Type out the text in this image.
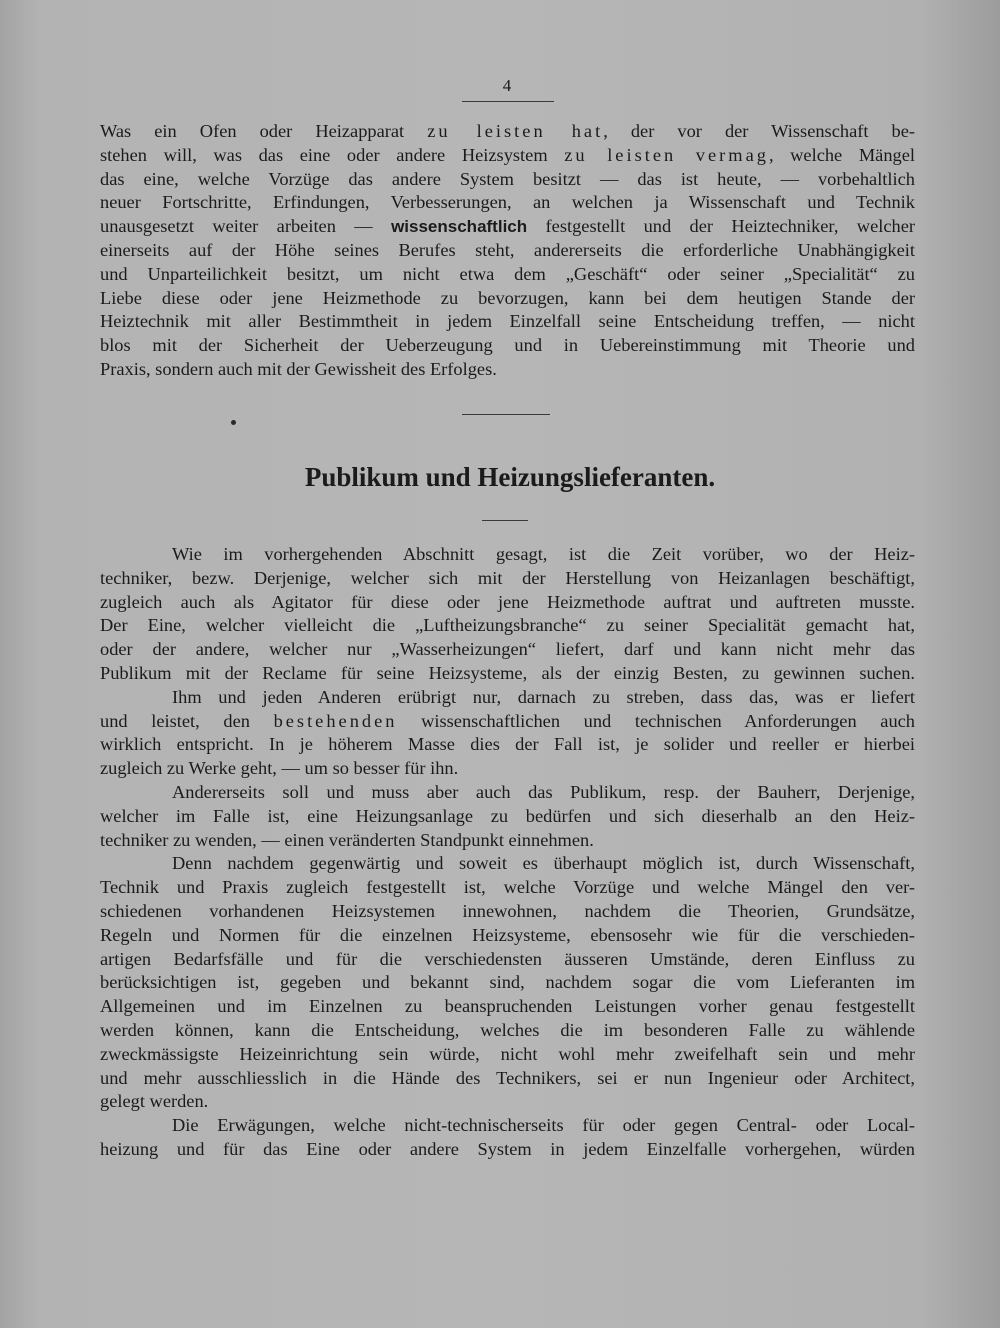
4
Was ein Ofen oder Heizapparat zu leisten hat, der vor der Wissenschaft be-
stehen will, was das eine oder andere Heizsystem zu leisten vermag, welche Mängel
das eine, welche Vorzüge das andere System besitzt — das ist heute, — vorbehaltlich
neuer Fortschritte, Erfindungen, Verbesserungen, an welchen ja Wissenschaft und Technik
unausgesetzt weiter arbeiten — wissenschaftlich festgestellt und der Heiztechniker, welcher
einerseits auf der Höhe seines Berufes steht, andererseits die erforderliche Unabhängigkeit
und Unparteilichkeit besitzt, um nicht etwa dem „Geschäft“ oder seiner „Specialität“ zu
Liebe diese oder jene Heizmethode zu bevorzugen, kann bei dem heutigen Stande der
Heiztechnik mit aller Bestimmtheit in jedem Einzelfall seine Entscheidung treffen, — nicht
blos mit der Sicherheit der Ueberzeugung und in Uebereinstimmung mit Theorie und
Praxis, sondern auch mit der Gewissheit des Erfolges.
Publikum und Heizungslieferanten.
Wie im vorhergehenden Abschnitt gesagt, ist die Zeit vorüber, wo der Heiz-
techniker, bezw. Derjenige, welcher sich mit der Herstellung von Heizanlagen beschäftigt,
zugleich auch als Agitator für diese oder jene Heizmethode auftrat und auftreten musste.
Der Eine, welcher vielleicht die „Luftheizungsbranche“ zu seiner Specialität gemacht hat,
oder der andere, welcher nur „Wasserheizungen“ liefert, darf und kann nicht mehr das
Publikum mit der Reclame für seine Heizsysteme, als der einzig Besten, zu gewinnen suchen.
Ihm und jeden Anderen erübrigt nur, darnach zu streben, dass das, was er liefert
und leistet, den bestehenden wissenschaftlichen und technischen Anforderungen auch
wirklich entspricht. In je höherem Masse dies der Fall ist, je solider und reeller er hierbei
zugleich zu Werke geht, — um so besser für ihn.
Andererseits soll und muss aber auch das Publikum, resp. der Bauherr, Derjenige,
welcher im Falle ist, eine Heizungsanlage zu bedürfen und sich dieserhalb an den Heiz-
techniker zu wenden, — einen veränderten Standpunkt einnehmen.
Denn nachdem gegenwärtig und soweit es überhaupt möglich ist, durch Wissenschaft,
Technik und Praxis zugleich festgestellt ist, welche Vorzüge und welche Mängel den ver-
schiedenen vorhandenen Heizsystemen innewohnen, nachdem die Theorien, Grundsätze,
Regeln und Normen für die einzelnen Heizsysteme, ebensosehr wie für die verschieden-
artigen Bedarfsfälle und für die verschiedensten äusseren Umstände, deren Einfluss zu
berücksichtigen ist, gegeben und bekannt sind, nachdem sogar die vom Lieferanten im
Allgemeinen und im Einzelnen zu beanspruchenden Leistungen vorher genau festgestellt
werden können, kann die Entscheidung, welches die im besonderen Falle zu wählende
zweckmässigste Heizeinrichtung sein würde, nicht wohl mehr zweifelhaft sein und mehr
und mehr ausschliesslich in die Hände des Technikers, sei er nun Ingenieur oder Architect,
gelegt werden.
Die Erwägungen, welche nicht-technischerseits für oder gegen Central- oder Local-
heizung und für das Eine oder andere System in jedem Einzelfalle vorhergehen, würden
